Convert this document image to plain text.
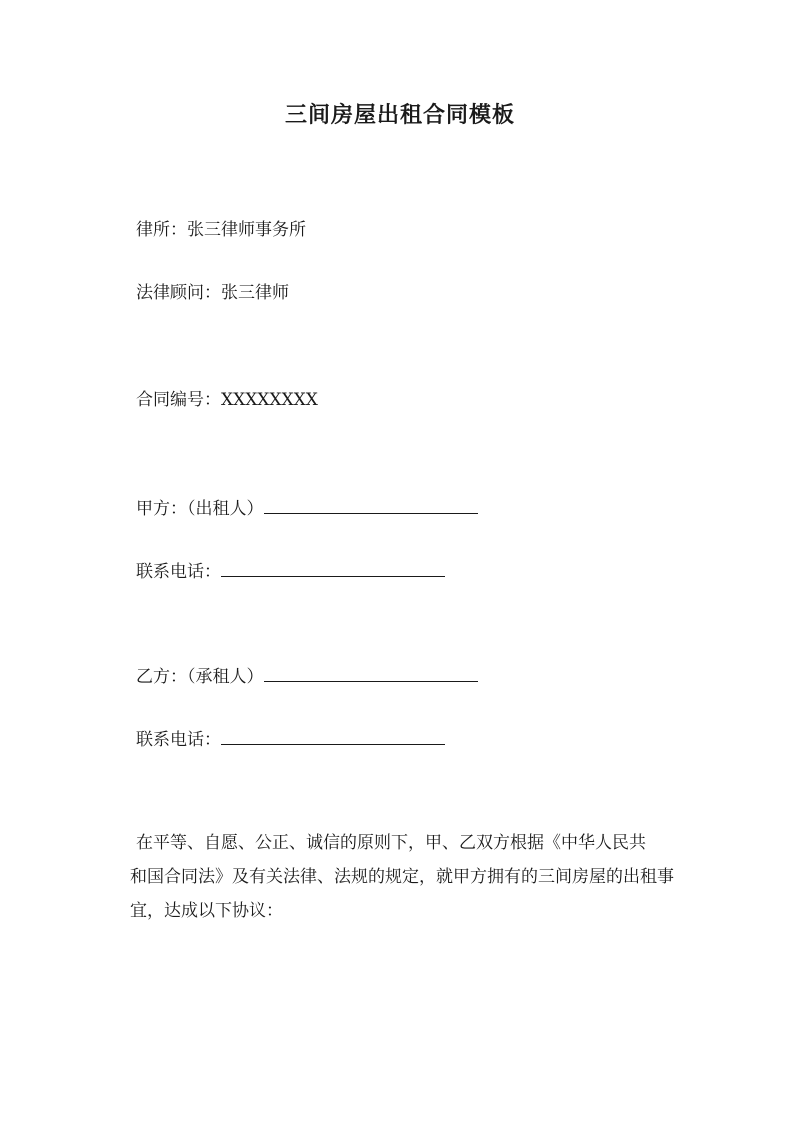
三间房屋出租合同模板
律所：张三律师事务所
法律顾问：张三律师
合同编号：XXXXXXXX
甲方：（出租人）
联系电话：
乙方：（承租人）
联系电话：
在平等、自愿、公正、诚信的原则下，甲、乙双方根据《中华人民共
和国合同法》及有关法律、法规的规定，就甲方拥有的三间房屋的出租事
宜，达成以下协议：
